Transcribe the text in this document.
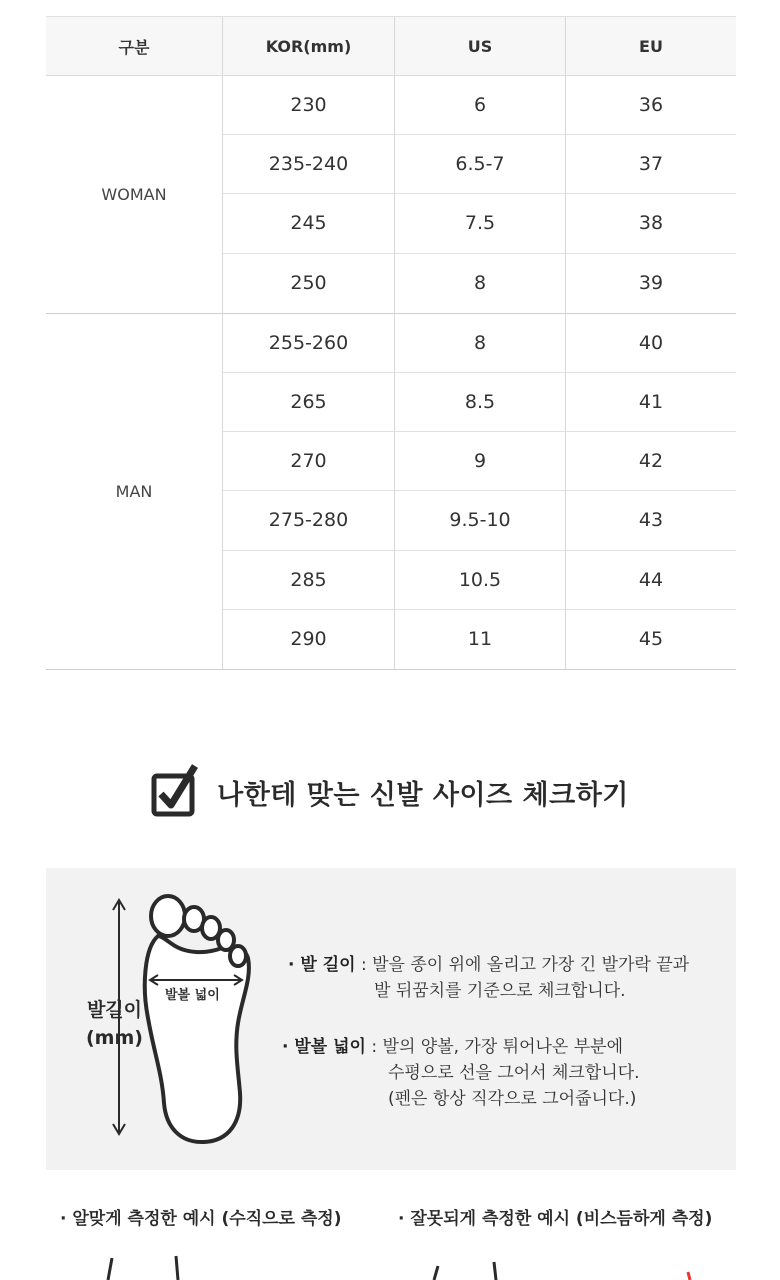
구분	KOR(mm)	US	EU
WOMAN
230	6	36
235-240	6.5-7	37
245	7.5	38
250	8	39
MAN
255-260	8	40
265	8.5	41
270	9	42
275-280	9.5-10	43
285	10.5	44
290	11	45
나한테 맞는 신발 사이즈 체크하기
발길이
(mm)
발볼 넓이
· 발 길이 : 발을 종이 위에 올리고 가장 긴 발가락 끝과
발 뒤꿈치를 기준으로 체크합니다.
· 발볼 넓이 : 발의 양볼, 가장 튀어나온 부분에
수평으로 선을 그어서 체크합니다.
(펜은 항상 직각으로 그어줍니다.)
· 알맞게 측정한 예시 (수직으로 측정)	· 잘못되게 측정한 예시 (비스듬하게 측정)
